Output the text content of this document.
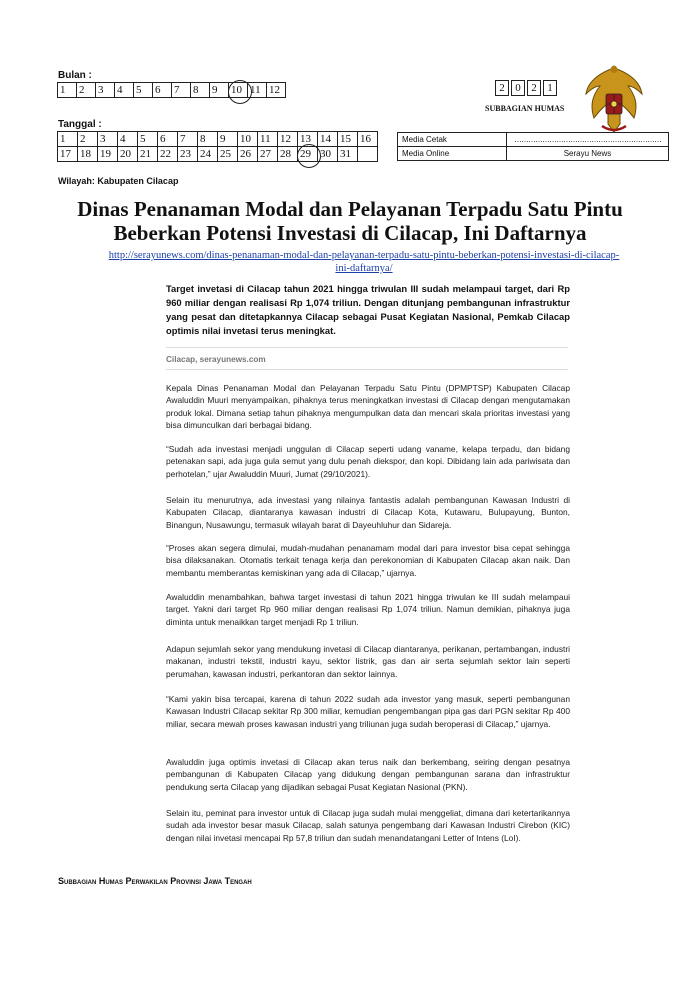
Bulan :
1	2	3	4	5	6	7	8	9	10	11	12
Tanggal :
1	2	3	4	5	6	7	8	9	10	11	12	13	14	15	16
17	18	19	20	21	22	23	24	25	26	27	28	29	30	31	
2	0	2	1
SUBBAGIAN HUMAS
Media Cetak	………………………………………………………
Media Online	Serayu News
Wilayah: Kabupaten Cilacap
Dinas Penanaman Modal dan Pelayanan Terpadu Satu Pintu
Beberkan Potensi Investasi di Cilacap, Ini Daftarnya
http://serayunews.com/dinas-penanaman-modal-dan-pelayanan-terpadu-satu-pintu-beberkan-potensi-investasi-di-cilacap-
ini-daftarnya/
Target invetasi di Cilacap tahun 2021 hingga triwulan III sudah melampaui target, dari Rp 960 miliar dengan realisasi Rp 1,074 triliun. Dengan ditunjang pembangunan infrastruktur yang pesat dan ditetapkannya Cilacap sebagai Pusat Kegiatan Nasional, Pemkab Cilacap optimis nilai invetasi terus meningkat.
Cilacap, serayunews.com
Kepala Dinas Penanaman Modal dan Pelayanan Terpadu Satu Pintu (DPMPTSP) Kabupaten Cilacap Awaluddin Muuri menyampaikan, pihaknya terus meningkatkan investasi di Cilacap dengan mengutamakan produk lokal. Dimana setiap tahun pihaknya mengumpulkan data dan mencari skala prioritas investasi yang bisa dimunculkan dari berbagai bidang.
“Sudah ada investasi menjadi unggulan di Cilacap seperti udang vaname, kelapa terpadu, dan bidang petenakan sapi, ada juga gula semut yang dulu penah diekspor, dan kopi. Dibidang lain ada pariwisata dan perhotelan,” ujar Awaluddin Muuri, Jumat (29/10/2021).
Selain itu menurutnya, ada investasi yang nilainya fantastis adalah pembangunan Kawasan Industri di Kabupaten Cilacap, diantaranya kawasan industri di Cilacap Kota, Kutawaru, Bulupayung, Bunton, Binangun, Nusawungu, termasuk wilayah barat di Dayeuhluhur dan Sidareja.
“Proses akan segera dimulai, mudah-mudahan penanamam modal dari para investor bisa cepat sehingga bisa dilaksanakan. Otomatis terkait tenaga kerja dan perekonomian di Kabupaten Cilacap akan naik. Dan membantu memberantas kemiskinan yang ada di Cilacap,” ujarnya.
Awaluddin menambahkan, bahwa target investasi di tahun 2021 hingga triwulan ke III sudah melampaui target. Yakni dari target Rp 960 miliar dengan realisasi Rp 1,074 triliun. Namun demikian, pihaknya juga diminta untuk menaikkan target menjadi Rp 1 triliun.
Adapun sejumlah sekor yang mendukung invetasi di Cilacap diantaranya, perikanan, pertambangan, industri makanan, industri tekstil, industri kayu, sektor listrik, gas dan air serta sejumlah sektor lain seperti perumahan, kawasan industri, perkantoran dan sektor lainnya.
“Kami yakin bisa tercapai, karena di tahun 2022 sudah ada investor yang masuk, seperti pembangunan Kawasan Industri Cilacap sekitar Rp 300 miliar, kemudian pengembangan pipa gas dari PGN sekitar Rp 400 miliar, secara mewah proses kawasan industri yang triliunan juga sudah beroperasi di Cilacap,” ujarnya.
Awaluddin juga optimis invetasi di Cilacap akan terus naik dan berkembang, seiring dengan pesatnya pembangunan di Kabupaten Cilacap yang didukung dengan pembangunan sarana dan infrastruktur pendukung serta Cilacap yang dijadikan sebagai Pusat Kegiatan Nasional (PKN).
Selain itu, peminat para investor untuk di Cilacap juga sudah mulai menggeliat, dimana dari ketertarikannya sudah ada investor besar masuk Cilacap, salah satunya pengembang dari Kawasan Industri Cirebon (KIC) dengan nilai invetasi mencapai Rp 57,8 triliun dan sudah menandatangani Letter of Intens (LoI).
Subbagian Humas Perwakilan Provinsi Jawa Tengah
